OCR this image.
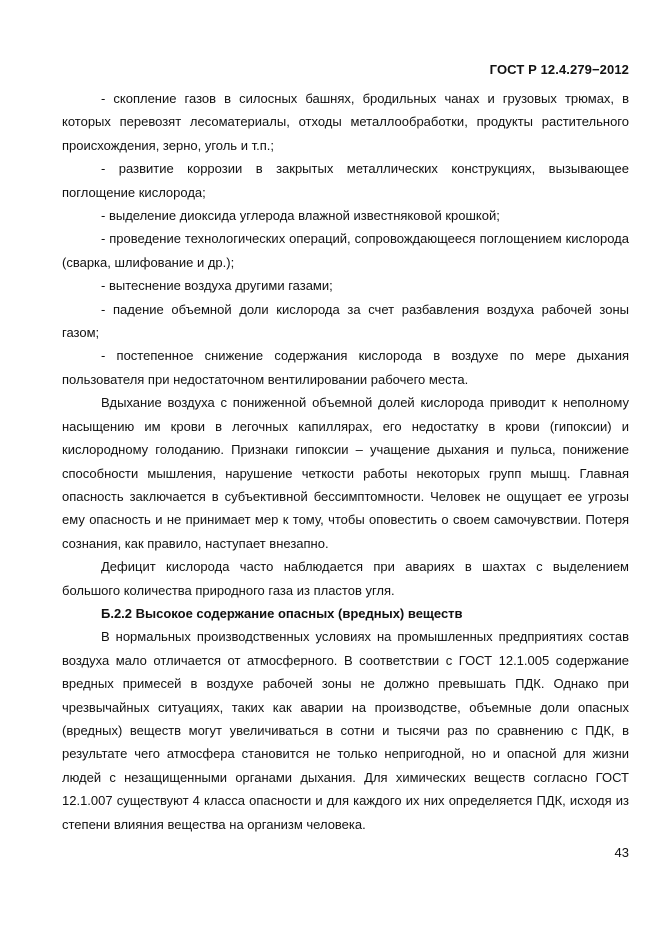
ГОСТ Р 12.4.279−2012

- скопление газов в силосных башнях, бродильных чанах и грузовых трюмах, в которых перевозят лесоматериалы, отходы металлообработки, продукты растительного происхождения, зерно, уголь и т.п.;

- развитие коррозии в закрытых металлических конструкциях, вызывающее поглощение кислорода;

- выделение диоксида углерода влажной известняковой крошкой;

- проведение технологических операций, сопровождающееся поглощением кислорода (сварка, шлифование и др.);

- вытеснение воздуха другими газами;

- падение объемной доли кислорода за счет разбавления воздуха рабочей зоны газом;

- постепенное снижение содержания кислорода в воздухе по мере дыхания пользователя при недостаточном вентилировании рабочего места.

Вдыхание воздуха с пониженной объемной долей кислорода приводит к неполному насыщению им крови в легочных капиллярах, его недостатку в крови (гипоксии) и кислородному голоданию. Признаки гипоксии – учащение дыхания и пульса, понижение способности мышления, нарушение четкости работы некоторых групп мышц. Главная опасность заключается в субъективной бессимптомности. Человек не ощущает ее угрозы ему опасность и не принимает мер к тому, чтобы оповестить о своем самочувствии. Потеря сознания, как правило, наступает внезапно.

Дефицит кислорода часто наблюдается при авариях в шахтах с выделением большого количества природного газа из пластов угля.

Б.2.2 Высокое содержание опасных (вредных) веществ

В нормальных производственных условиях на промышленных предприятиях состав воздуха мало отличается от атмосферного. В соответствии с ГОСТ 12.1.005 содержание вредных примесей в воздухе рабочей зоны не должно превышать ПДК. Однако при чрезвычайных ситуациях, таких как аварии на производстве, объемные доли опасных (вредных) веществ могут увеличиваться в сотни и тысячи раз по сравнению с ПДК, в результате чего атмосфера становится не только непригодной, но и опасной для жизни людей с незащищенными органами дыхания. Для химических веществ согласно ГОСТ 12.1.007 существуют 4 класса опасности и для каждого их них определяется ПДК, исходя из степени влияния вещества на организм человека.

43
